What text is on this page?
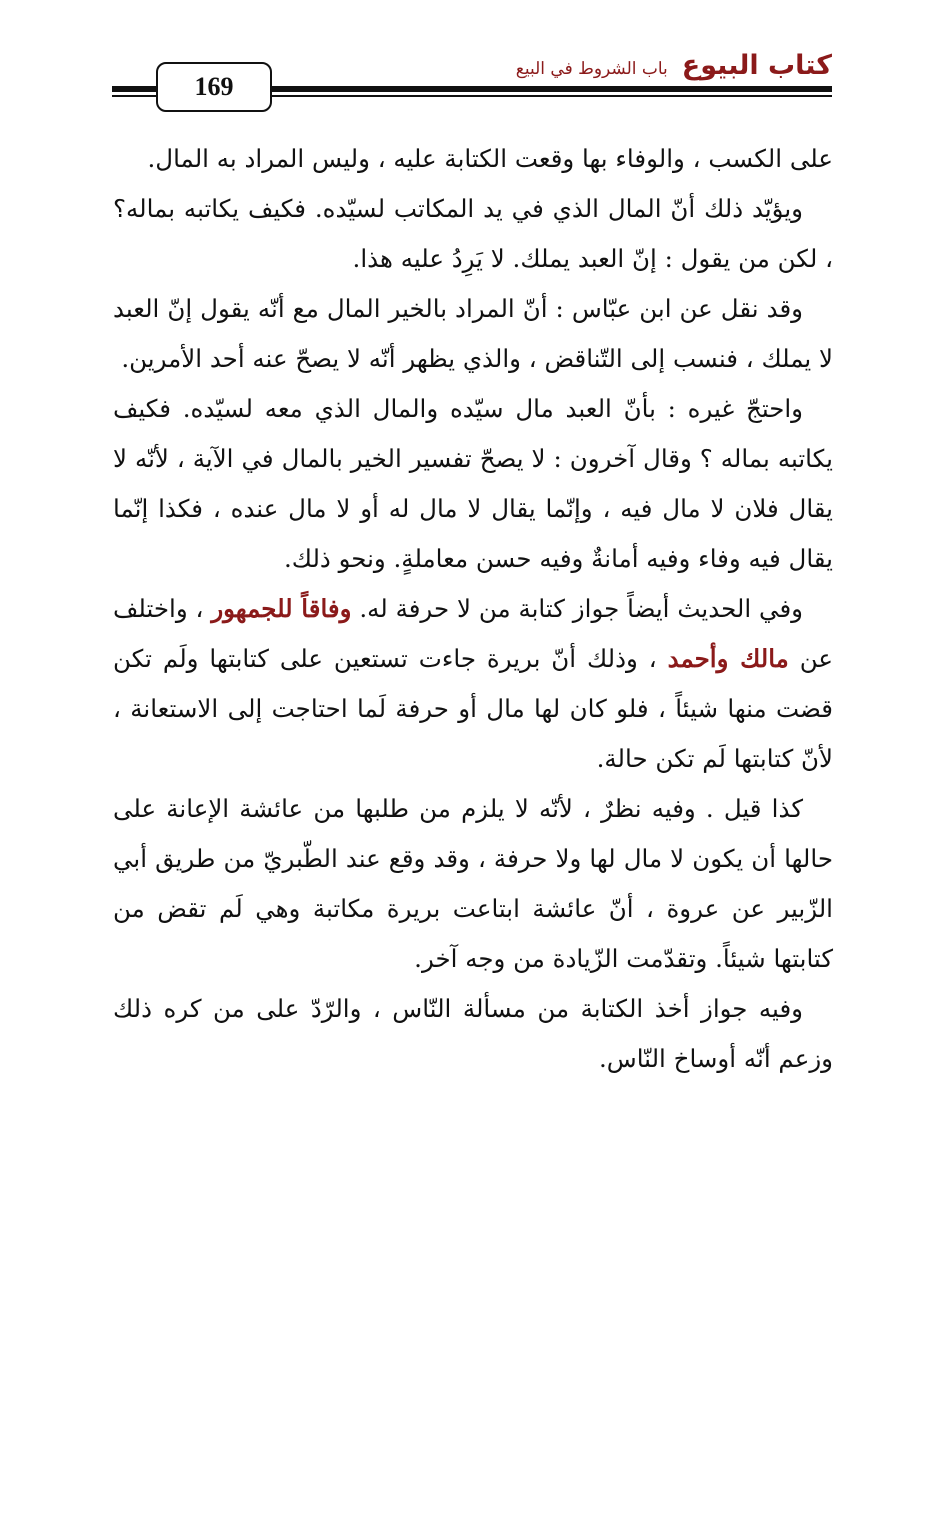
169
كتاب البيوع
باب الشروط في البيع

على الكسب ، والوفاء بها وقعت الكتابة عليه ، وليس المراد به المال.

ويؤيّد ذلك أنّ المال الذي في يد المكاتب لسيّده. فكيف يكاتبه بماله؟ ، لكن من يقول : إنّ العبد يملك. لا يَرِدُ عليه هذا.

وقد نقل عن ابن عبّاس : أنّ المراد بالخير المال مع أنّه يقول إنّ العبد لا يملك ، فنسب إلى التّناقض ، والذي يظهر أنّه لا يصحّ عنه أحد الأمرين.

واحتجّ غيره : بأنّ العبد مال سيّده والمال الذي معه لسيّده. فكيف يكاتبه بماله ؟ وقال آخرون : لا يصحّ تفسير الخير بالمال في الآية ، لأنّه لا يقال فلان لا مال فيه ، وإنّما يقال لا مال له أو لا مال عنده ، فكذا إنّما يقال فيه وفاء وفيه أمانةٌ وفيه حسن معاملةٍ. ونحو ذلك.

وفي الحديث أيضاً جواز كتابة من لا حرفة له. وفاقاً للجمهور ، واختلف عن مالك وأحمد ، وذلك أنّ بريرة جاءت تستعين على كتابتها ولَم تكن قضت منها شيئاً ، فلو كان لها مال أو حرفة لَما احتاجت إلى الاستعانة ، لأنّ كتابتها لَم تكن حالة.

كذا قيل . وفيه نظرٌ ، لأنّه لا يلزم من طلبها من عائشة الإعانة على حالها أن يكون لا مال لها ولا حرفة ، وقد وقع عند الطّبريّ من طريق أبي الزّبير عن عروة ، أنّ عائشة ابتاعت بريرة مكاتبة وهي لَم تقض من كتابتها شيئاً. وتقدّمت الزّيادة من وجه آخر.

وفيه جواز أخذ الكتابة من مسألة النّاس ، والرّدّ على من كره ذلك وزعم أنّه أوساخ النّاس.
